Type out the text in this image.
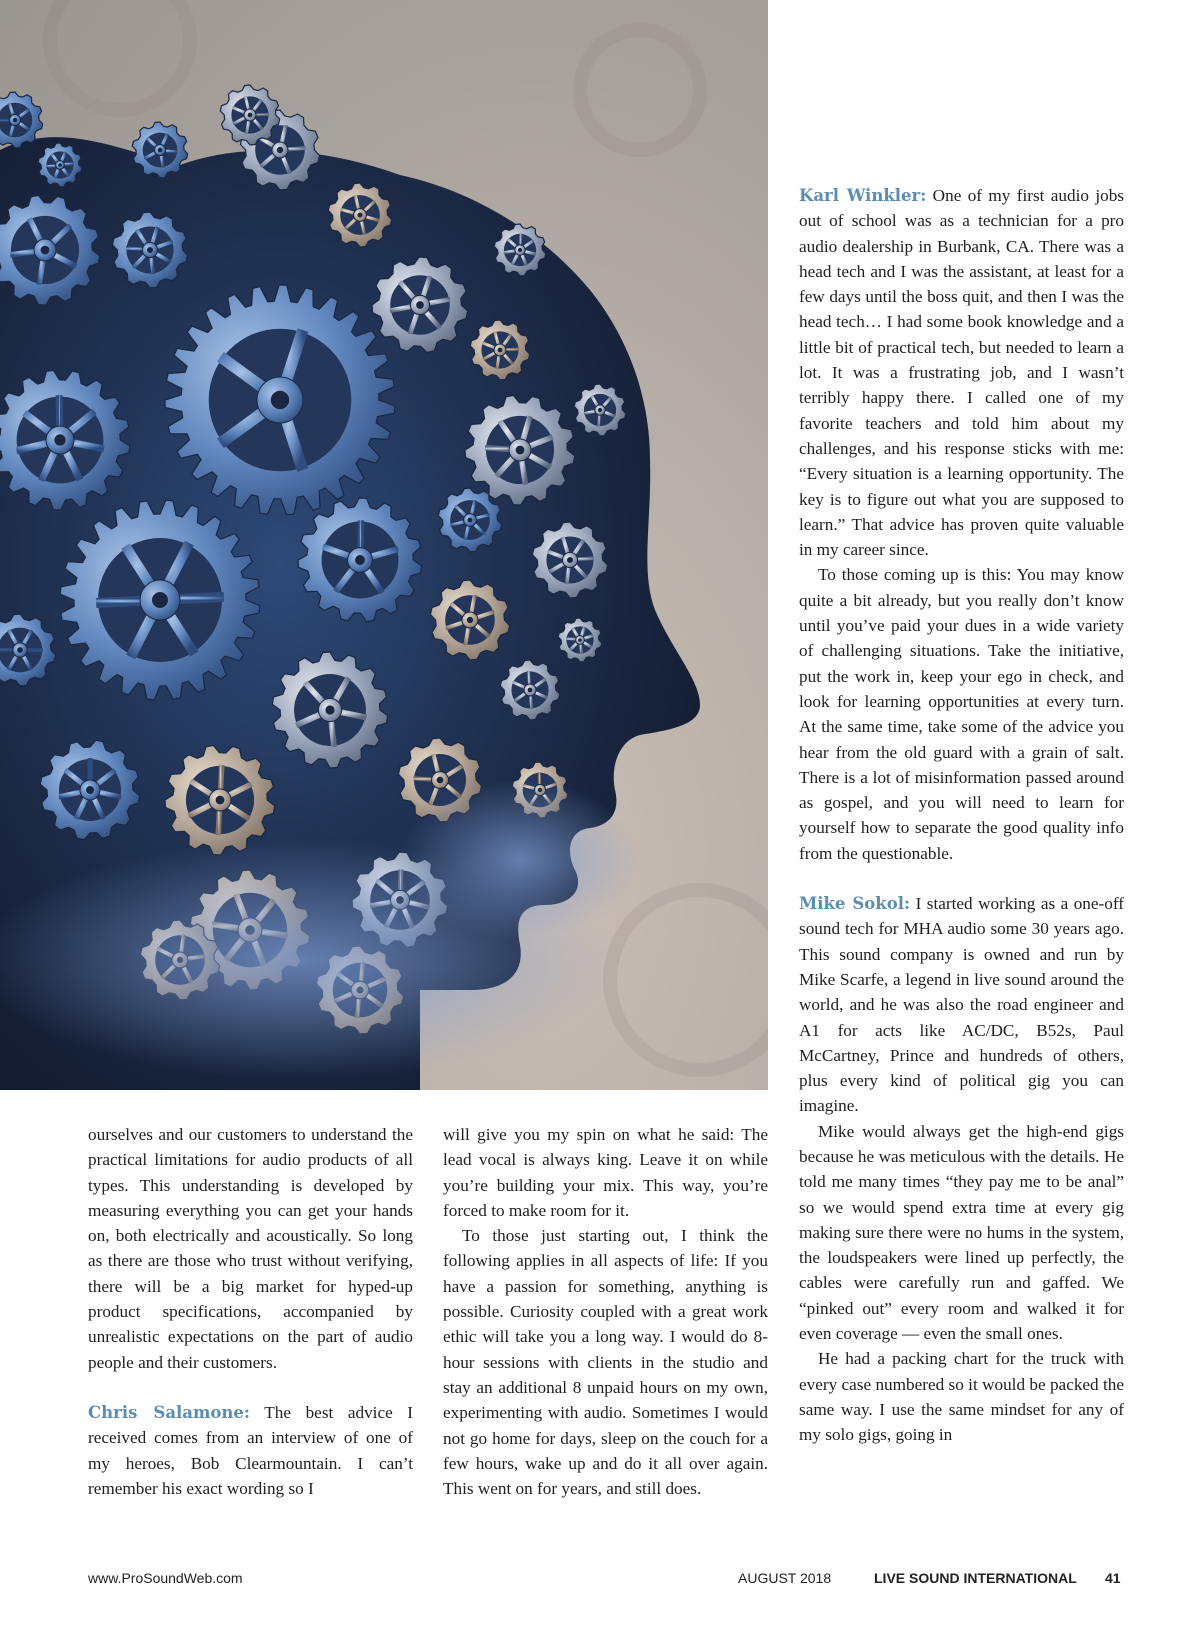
ourselves and our customers to understand the practical limitations for audio products of all types. This understanding is developed by measuring everything you can get your hands on, both electrically and acoustically. So long as there are those who trust without verifying, there will be a big market for hyped-up product specifications, accompanied by unrealistic expectations on the part of audio people and their customers.

Chris Salamone: The best advice I received comes from an interview of one of my heroes, Bob Clearmountain. I can’t remember his exact wording so I

will give you my spin on what he said: The lead vocal is always king. Leave it on while you’re building your mix. This way, you’re forced to make room for it.

To those just starting out, I think the following applies in all aspects of life: If you have a passion for something, anything is possible. Curiosity coupled with a great work ethic will take you a long way. I would do 8-hour sessions with clients in the studio and stay an additional 8 unpaid hours on my own, experimenting with audio. Sometimes I would not go home for days, sleep on the couch for a few hours, wake up and do it all over again. This went on for years, and still does.

Karl Winkler: One of my first audio jobs out of school was as a technician for a pro audio dealership in Burbank, CA. There was a head tech and I was the assistant, at least for a few days until the boss quit, and then I was the head tech… I had some book knowledge and a little bit of practical tech, but needed to learn a lot. It was a frustrating job, and I wasn’t terribly happy there. I called one of my favorite teachers and told him about my challenges, and his response sticks with me: “Every situation is a learning opportunity. The key is to figure out what you are supposed to learn.” That advice has proven quite valuable in my career since.

To those coming up is this: You may know quite a bit already, but you really don’t know until you’ve paid your dues in a wide variety of challenging situations. Take the initiative, put the work in, keep your ego in check, and look for learning opportunities at every turn. At the same time, take some of the advice you hear from the old guard with a grain of salt. There is a lot of misinformation passed around as gospel, and you will need to learn for yourself how to separate the good quality info from the questionable.

Mike Sokol: I started working as a one-off sound tech for MHA audio some 30 years ago. This sound company is owned and run by Mike Scarfe, a legend in live sound around the world, and he was also the road engineer and A1 for acts like AC/DC, B52s, Paul McCartney, Prince and hundreds of others, plus every kind of political gig you can imagine.

Mike would always get the high-end gigs because he was meticulous with the details. He told me many times “they pay me to be anal” so we would spend extra time at every gig making sure there were no hums in the system, the loudspeakers were lined up perfectly, the cables were carefully run and gaffed. We “pinked out” every room and walked it for even coverage — even the small ones.

He had a packing chart for the truck with every case numbered so it would be packed the same way. I use the same mindset for any of my solo gigs, going in

www.ProSoundWeb.com	AUGUST 2018	LIVE SOUND INTERNATIONAL 41
